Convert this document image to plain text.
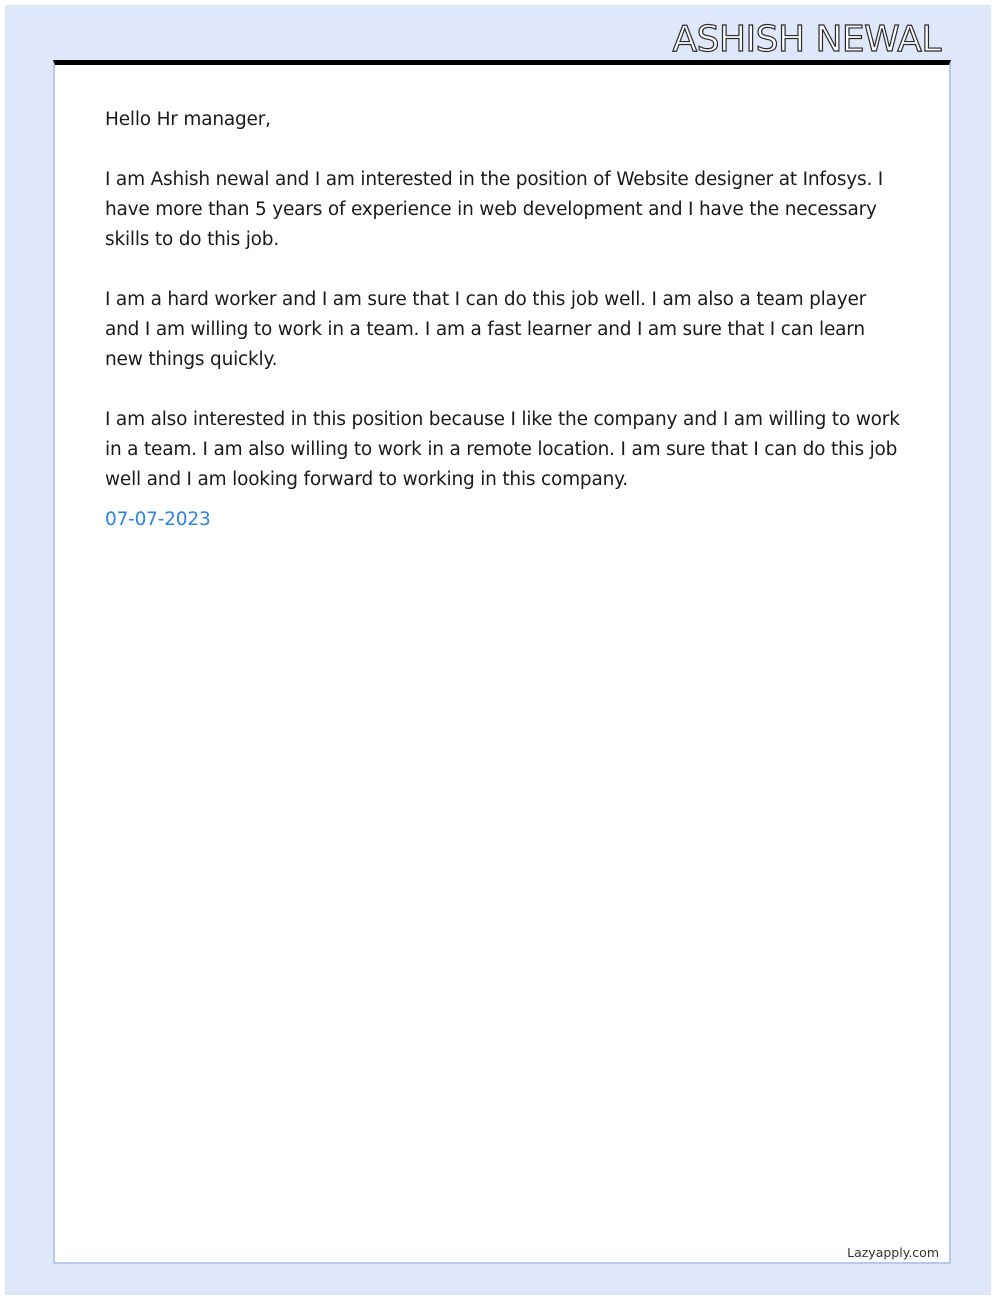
ASHISH NEWAL

Hello Hr manager,

I am Ashish newal and I am interested in the position of Website designer at Infosys. I have more than 5 years of experience in web development and I have the necessary skills to do this job.

I am a hard worker and I am sure that I can do this job well. I am also a team player and I am willing to work in a team. I am a fast learner and I am sure that I can learn new things quickly.

I am also interested in this position because I like the company and I am willing to work in a team. I am also willing to work in a remote location. I am sure that I can do this job well and I am looking forward to working in this company.

07-07-2023

Lazyapply.com
